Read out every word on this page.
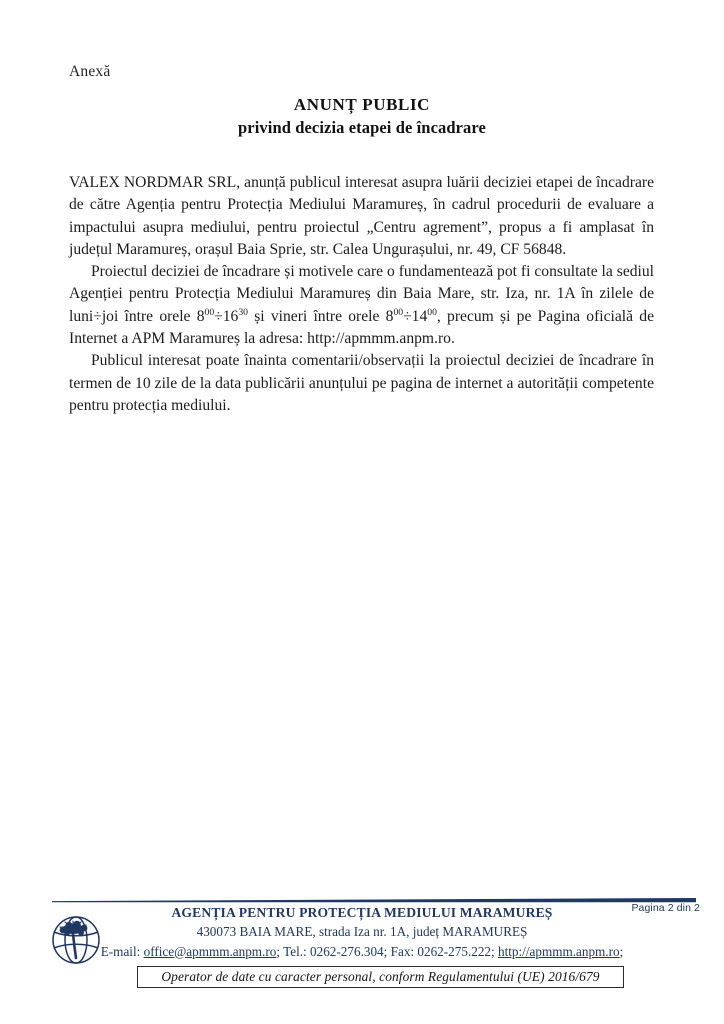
Anexă
ANUNȚ PUBLIC
privind decizia etapei de încadrare

VALEX NORDMAR SRL, anunță publicul interesat asupra luării deciziei etapei de încadrare de către Agenția pentru Protecția Mediului Maramureș, în cadrul procedurii de evaluare a impactului asupra mediului, pentru proiectul „Centru agrement”, propus a fi amplasat în județul Maramureș, orașul Baia Sprie, str. Calea Ungurașului, nr. 49, CF 56848.

Proiectul deciziei de încadrare și motivele care o fundamentează pot fi consultate la sediul Agenției pentru Protecția Mediului Maramureș din Baia Mare, str. Iza, nr. 1A în zilele de luni÷joi între orele $8^{00}\div 16^{30}$ și vineri între orele $8^{00}\div 14^{00}$, precum și pe Pagina oficială de Internet a APM Maramureș la adresa: http://apmmm.anpm.ro.

Publicul interesat poate înainta comentarii/observații la proiectul deciziei de încadrare în termen de 10 zile de la data publicării anunțului pe pagina de internet a autorității competente pentru protecția mediului.

Pagina 2 din 2
AGENȚIA PENTRU PROTECȚIA MEDIULUI MARAMUREȘ
430073 BAIA MARE, strada Iza nr. 1A, județ MARAMUREȘ
E-mail: office@apmmm.anpm.ro; Tel.: 0262-276.304; Fax: 0262-275.222; http://apmmm.anpm.ro;
Operator de date cu caracter personal, conform Regulamentului (UE) 2016/679
